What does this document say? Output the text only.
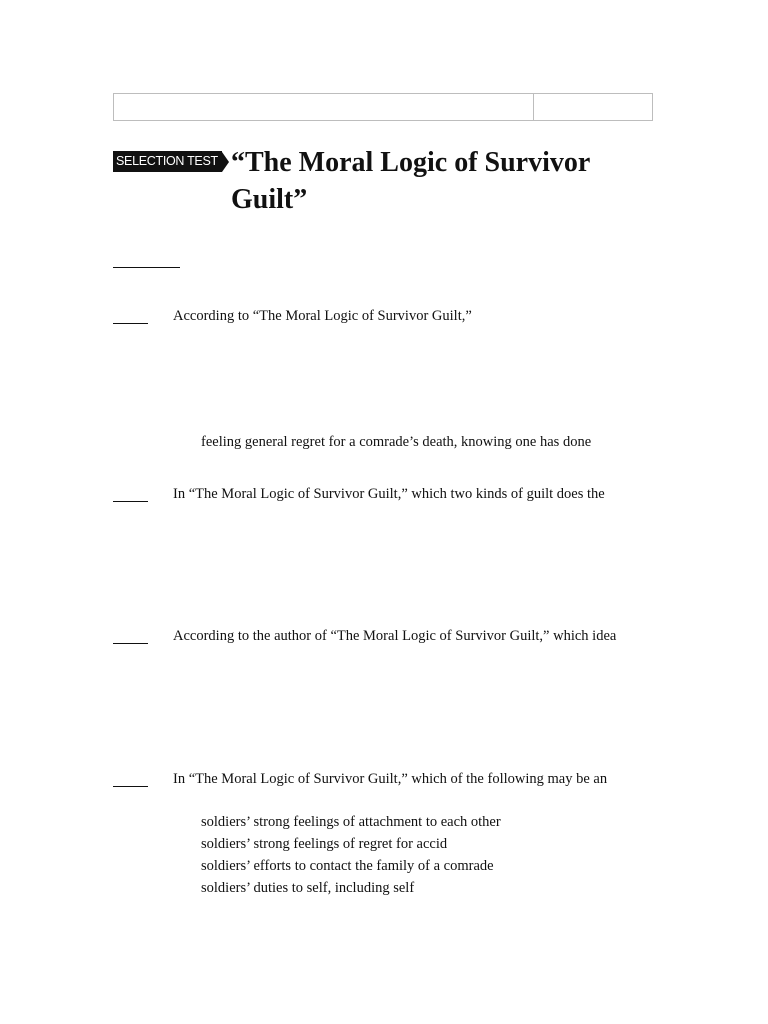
SELECTION TEST “The Moral Logic of Survivor Guilt”
According to “The Moral Logic of Survivor Guilt,”
feeling general regret for a comrade’s death, knowing one has done
In “The Moral Logic of Survivor Guilt,” which two kinds of guilt does the
According to the author of “The Moral Logic of Survivor Guilt,” which idea
In “The Moral Logic of Survivor Guilt,” which of the following may be an
soldiers’ strong feelings of attachment to each other
soldiers’ strong feelings of regret for accid
soldiers’ efforts to contact the family of a comrade
soldiers’ duties to self, including self
